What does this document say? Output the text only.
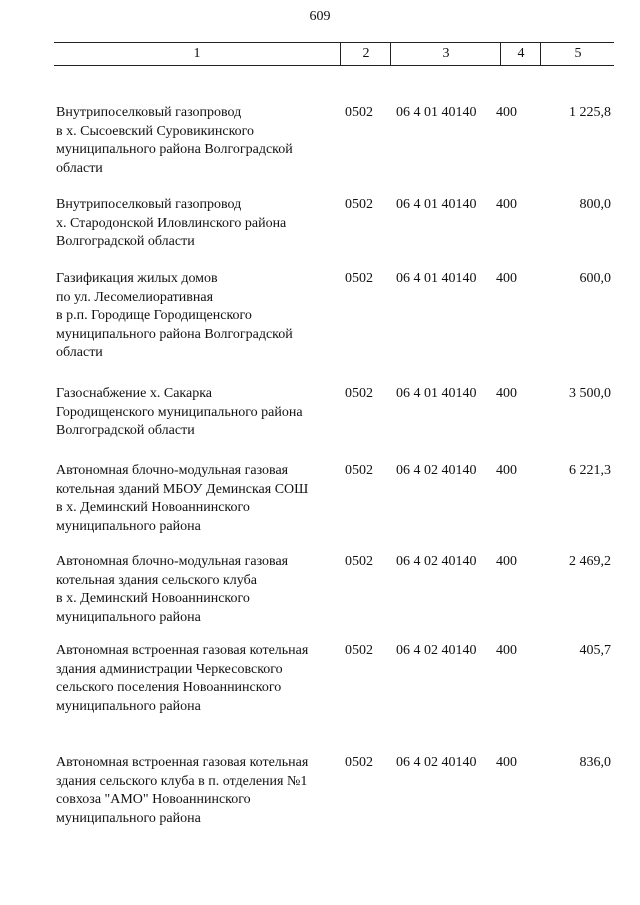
609
1	2	3	4	5
Внутрипоселковый газопровод
в х. Сысоевский Суровикинского
муниципального района Волгоградской
области
0502 06 4 01 40140 400	1 225,8
Внутрипоселковый газопровод
х. Стародонской Иловлинского района
Волгоградской области
0502 06 4 01 40140 400	800,0
Газификация жилых домов
по ул. Лесомелиоративная
в р.п. Городище Городищенского
муниципального района Волгоградской
области
0502 06 4 01 40140 400	600,0
Газоснабжение х. Сакарка
Городищенского муниципального района
Волгоградской области
0502 06 4 01 40140 400	3 500,0
Автономная блочно-модульная газовая
котельная зданий МБОУ Деминская СОШ
в х. Деминский Новоаннинского
муниципального района
0502 06 4 02 40140 400	6 221,3
Автономная блочно-модульная газовая
котельная здания сельского клуба
в х. Деминский Новоаннинского
муниципального района
0502 06 4 02 40140 400	2 469,2
Автономная встроенная газовая котельная
здания администрации Черкесовского
сельского поселения Новоаннинского
муниципального района
0502 06 4 02 40140 400	405,7
Автономная встроенная газовая котельная
здания сельского клуба в п. отделения №1
совхоза "АМО" Новоаннинского
муниципального района
0502 06 4 02 40140 400	836,0
